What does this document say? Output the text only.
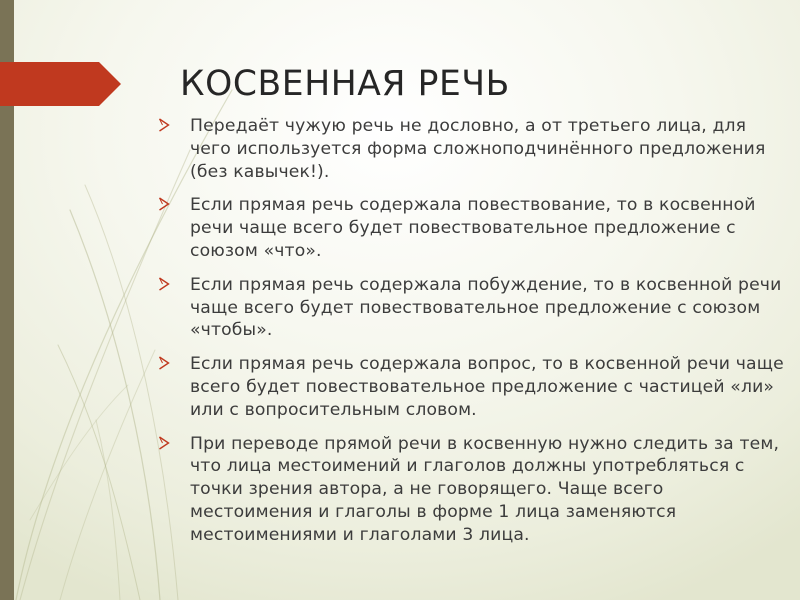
КОСВЕННАЯ РЕЧЬ
Передаёт чужую речь не дословно, а от третьего лица, для чего используется форма сложноподчинённого предложения (без кавычек!).
Если прямая речь содержала повествование, то в косвенной речи чаще всего будет повествовательное предложение с союзом «что».
Если прямая речь содержала побуждение, то в косвенной речи чаще всего будет повествовательное предложение с союзом «чтобы».
Если прямая речь содержала вопрос, то в косвенной речи чаще всего будет повествовательное предложение с частицей «ли» или с вопросительным словом.
При переводе прямой речи в косвенную нужно следить за тем, что лица местоимений и глаголов должны употребляться с точки зрения автора, а не говорящего. Чаще всего местоимения и глаголы в форме 1 лица заменяются местоимениями и глаголами 3 лица.
